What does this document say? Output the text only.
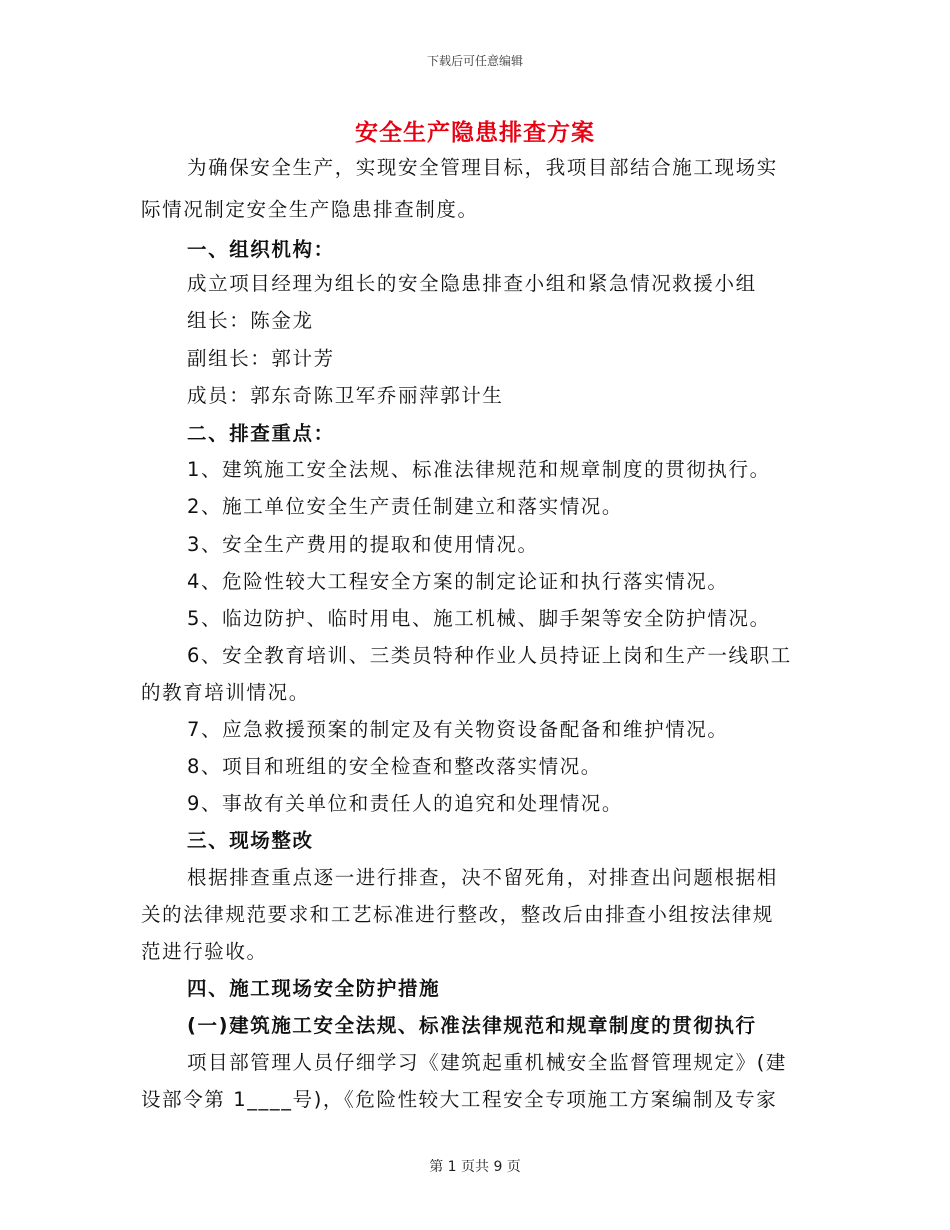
下载后可任意编辑
安全生产隐患排查方案
为确保安全生产，实现安全管理目标，我项目部结合施工现场实
际情况制定安全生产隐患排查制度。
一、组织机构：
成立项目经理为组长的安全隐患排查小组和紧急情况救援小组
组长：陈金龙
副组长：郭计芳
成员：郭东奇陈卫军乔丽萍郭计生
二、排查重点：
1、建筑施工安全法规、标准法律规范和规章制度的贯彻执行。
2、施工单位安全生产责任制建立和落实情况。
3、安全生产费用的提取和使用情况。
4、危险性较大工程安全方案的制定论证和执行落实情况。
5、临边防护、临时用电、施工机械、脚手架等安全防护情况。
6、安全教育培训、三类员特种作业人员持证上岗和生产一线职工
的教育培训情况。
7、应急救援预案的制定及有关物资设备配备和维护情况。
8、项目和班组的安全检查和整改落实情况。
9、事故有关单位和责任人的追究和处理情况。
三、现场整改
根据排查重点逐一进行排查，决不留死角，对排查出问题根据相
关的法律规范要求和工艺标准进行整改，整改后由排查小组按法律规
范进行验收。
四、施工现场安全防护措施
(一)建筑施工安全法规、标准法律规范和规章制度的贯彻执行
项目部管理人员仔细学习《建筑起重机械安全监督管理规定》(建
设部令第 1____号)，《危险性较大工程安全专项施工方案编制及专家
第 1 页共 9 页
